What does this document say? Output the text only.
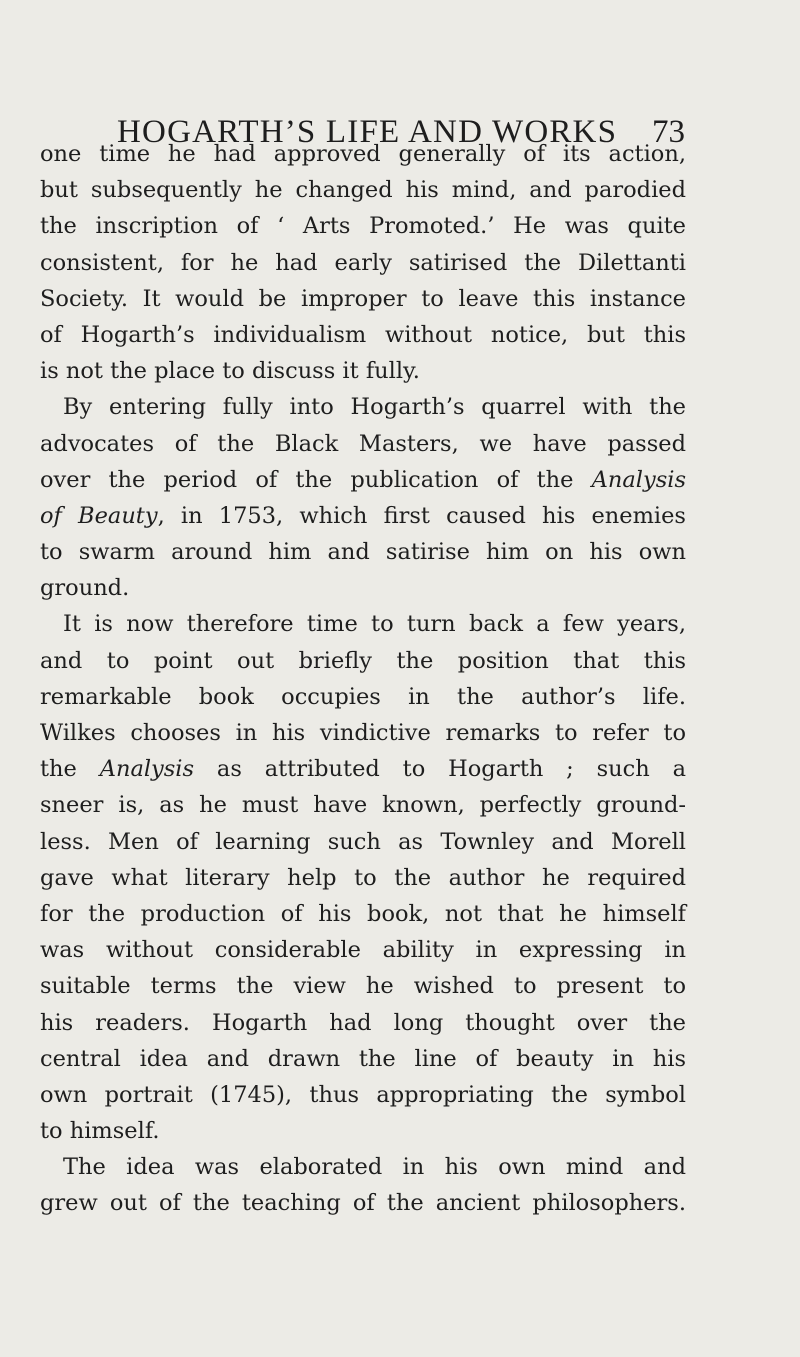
HOGARTH’S LIFE AND WORKS 73
one time he had approved generally of its action,
but subsequently he changed his mind, and parodied
the inscription of ‘ Arts Promoted.’ He was quite
consistent, for he had early satirised the Dilettanti
Society. It would be improper to leave this instance
of Hogarth’s individualism without notice, but this
is not the place to discuss it fully.
By entering fully into Hogarth’s quarrel with the
advocates of the Black Masters, we have passed
over the period of the publication of the Analysis
of Beauty, in 1753, which first caused his enemies
to swarm around him and satirise him on his own
ground.
It is now therefore time to turn back a few years,
and to point out briefly the position that this
remarkable book occupies in the author’s life.
Wilkes chooses in his vindictive remarks to refer to
the Analysis as attributed to Hogarth ; such a
sneer is, as he must have known, perfectly ground-
less. Men of learning such as Townley and Morell
gave what literary help to the author he required
for the production of his book, not that he himself
was without considerable ability in expressing in
suitable terms the view he wished to present to
his readers. Hogarth had long thought over the
central idea and drawn the line of beauty in his
own portrait (1745), thus appropriating the symbol
to himself.
The idea was elaborated in his own mind and
grew out of the teaching of the ancient philosophers.
